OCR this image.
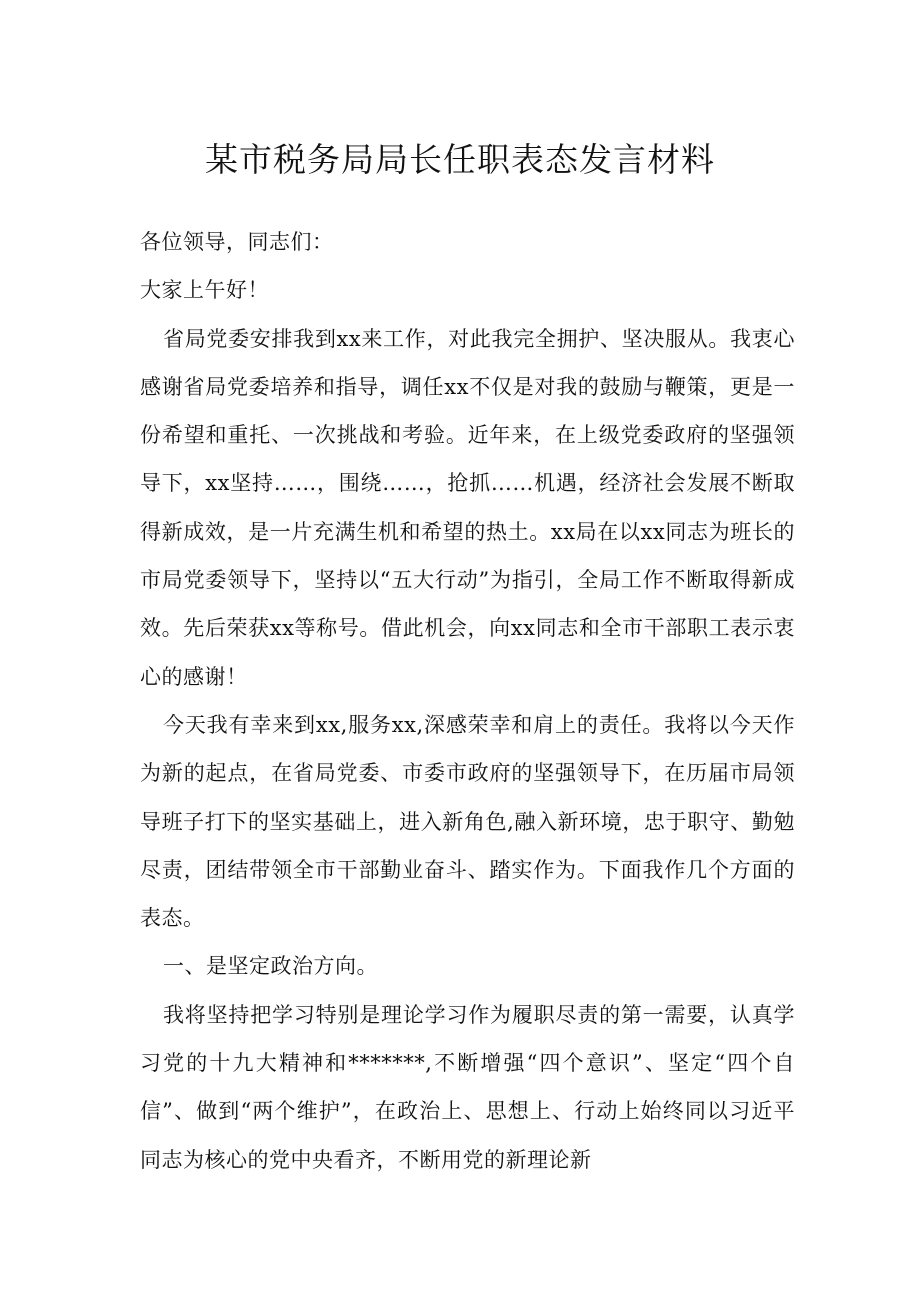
某市税务局局长任职表态发言材料

各位领导，同志们：

大家上午好！

省局党委安排我到xx来工作，对此我完全拥护、坚决服从。我衷心感谢省局党委培养和指导，调任xx不仅是对我的鼓励与鞭策，更是一份希望和重托、一次挑战和考验。近年来，在上级党委政府的坚强领导下，xx坚持……，围绕……，抢抓……机遇，经济社会发展不断取得新成效，是一片充满生机和希望的热土。xx局在以xx同志为班长的市局党委领导下，坚持以“五大行动”为指引，全局工作不断取得新成效。先后荣获xx等称号。借此机会，向xx同志和全市干部职工表示衷心的感谢！

今天我有幸来到xx,服务xx,深感荣幸和肩上的责任。我将以今天作为新的起点，在省局党委、市委市政府的坚强领导下，在历届市局领导班子打下的坚实基础上，进入新角色,融入新环境，忠于职守、勤勉尽责，团结带领全市干部勤业奋斗、踏实作为。下面我作几个方面的表态。

一、是坚定政治方向。

我将坚持把学习特别是理论学习作为履职尽责的第一需要，认真学习党的十九大精神和*******,不断增强“四个意识”、坚定“四个自信”、做到“两个维护”，在政治上、思想上、行动上始终同以习近平同志为核心的党中央看齐，不断用党的新理论新
